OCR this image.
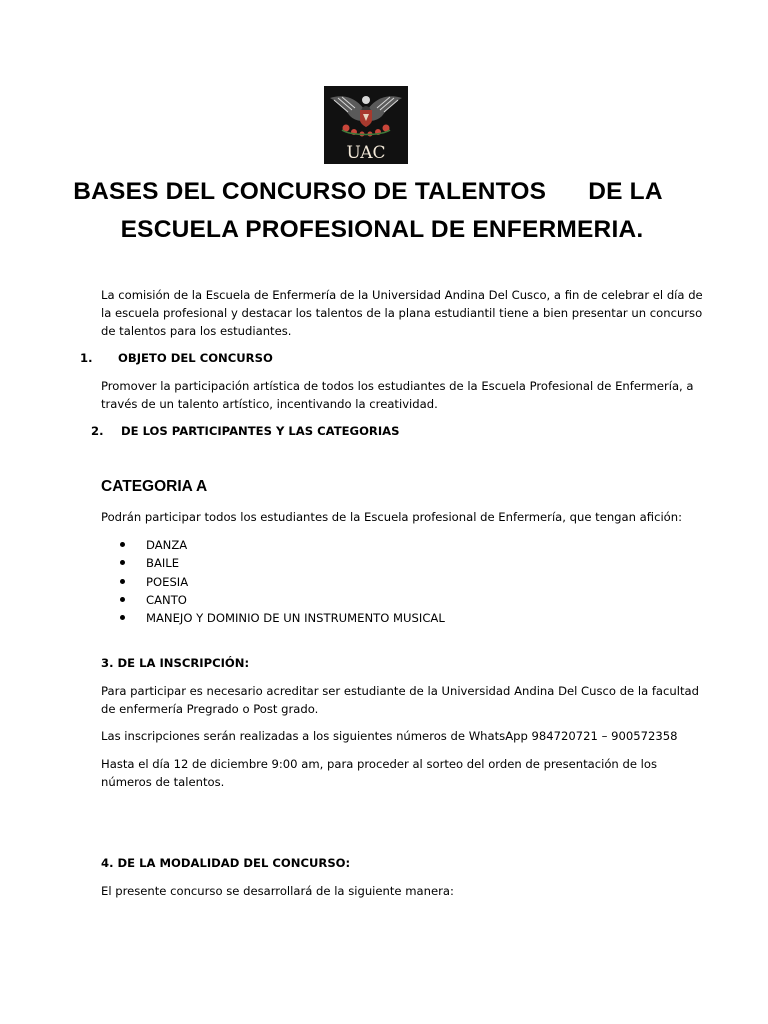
UAC
BASES DEL CONCURSO DE TALENTOS      DE LA
ESCUELA PROFESIONAL DE ENFERMERIA.

La comisión de la Escuela de Enfermería de la Universidad Andina Del Cusco, a fin de celebrar el día de la escuela profesional y destacar los talentos de la plana estudiantil tiene a bien presentar un concurso de talentos para los estudiantes.

1. OBJETO DEL CONCURSO

Promover la participación artística de todos los estudiantes de la Escuela Profesional de Enfermería, a través de un talento artístico, incentivando la creatividad.

2. DE LOS PARTICIPANTES Y LAS CATEGORIAS

CATEGORIA A

Podrán participar todos los estudiantes de la Escuela profesional de Enfermería, que tengan afición:

DANZA
BAILE
POESIA
CANTO
MANEJO Y DOMINIO DE UN INSTRUMENTO MUSICAL

3. DE LA INSCRIPCIÓN:

Para participar es necesario acreditar ser estudiante de la Universidad Andina Del Cusco de la facultad de enfermería Pregrado o Post grado.

Las inscripciones serán realizadas a los siguientes números de WhatsApp 984720721 – 900572358

Hasta el día 12 de diciembre 9:00 am, para proceder al sorteo del orden de presentación de los números de talentos.

4. DE LA MODALIDAD DEL CONCURSO:

El presente concurso se desarrollará de la siguiente manera:
